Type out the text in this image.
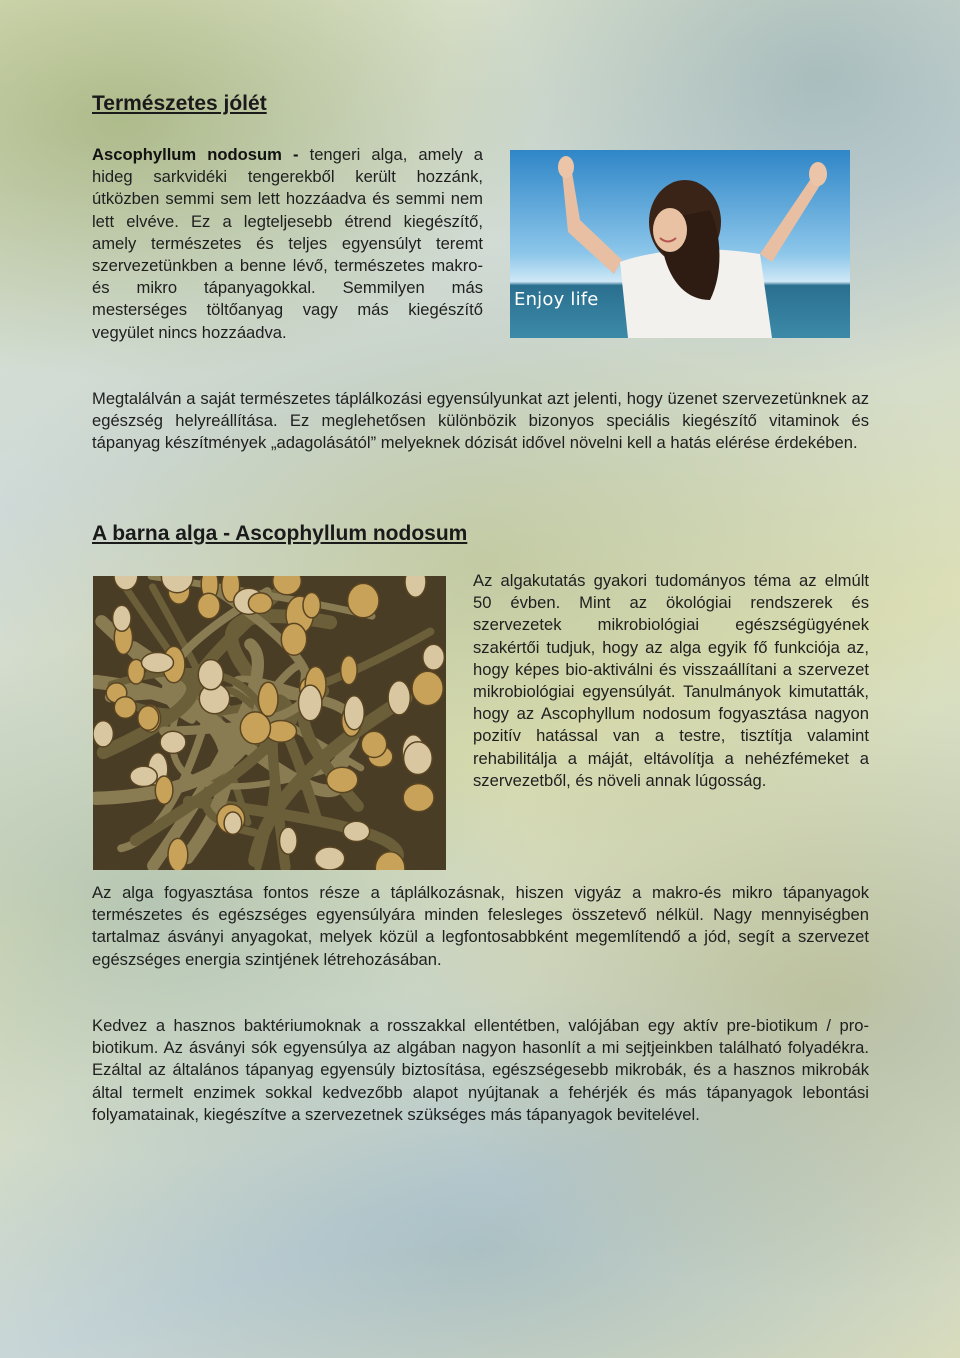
Természetes jólét

Ascophyllum nodosum - tengeri alga, amely a hideg sarkvidéki tengerekből került hozzánk, útközben semmi sem lett hozzáadva és semmi nem lett elvéve. Ez a legteljesebb étrend kiegészítő, amely természetes és teljes egyensúlyt teremt szervezetünkben a benne lévő, természetes makro-és mikro tápanyagokkal. Semmilyen más mesterséges töltőanyag vagy más kiegészítő vegyület nincs hozzáadva.

Enjoy life

Megtalálván a saját természetes táplálkozási egyensúlyunkat azt jelenti, hogy üzenet szervezetünknek az egészség helyreállítása. Ez meglehetősen különbözik bizonyos speciális kiegészítő vitaminok és tápanyag készítmények „adagolásától” melyeknek dózisát idővel növelni kell a hatás elérése érdekében.

A barna alga - Ascophyllum nodosum

Az algakutatás gyakori tudományos téma az elmúlt 50 évben. Mint az ökológiai rendszerek és szervezetek mikrobiológiai egészségügyének szakértői tudjuk, hogy az alga egyik fő funkciója az, hogy képes bio-aktiválni és visszaállítani a szervezet mikrobiológiai egyensúlyát. Tanulmányok kimutatták, hogy az Ascophyllum nodosum fogyasztása nagyon pozitív hatással van a testre, tisztítja valamint rehabilitálja a máját, eltávolítja a nehézfémeket a szervezetből, és növeli annak lúgosság.

Az alga fogyasztása fontos része a táplálkozásnak, hiszen vigyáz a makro-és mikro tápanyagok természetes és egészséges egyensúlyára minden felesleges összetevő nélkül. Nagy mennyiségben tartalmaz ásványi anyagokat, melyek közül a legfontosabbként megemlítendő a jód, segít a szervezet egészséges energia szintjének létrehozásában.

Kedvez a hasznos baktériumoknak a rosszakkal ellentétben, valójában egy aktív pre-biotikum / pro-biotikum. Az ásványi sók egyensúlya az algában nagyon hasonlít a mi sejtjeinkben található folyadékra. Ezáltal az általános tápanyag egyensúly biztosítása, egészségesebb mikrobák, és a hasznos mikrobák által termelt enzimek sokkal kedvezőbb alapot nyújtanak a fehérjék és más tápanyagok lebontási folyamatainak, kiegészítve a szervezetnek szükséges más tápanyagok bevitelével.
